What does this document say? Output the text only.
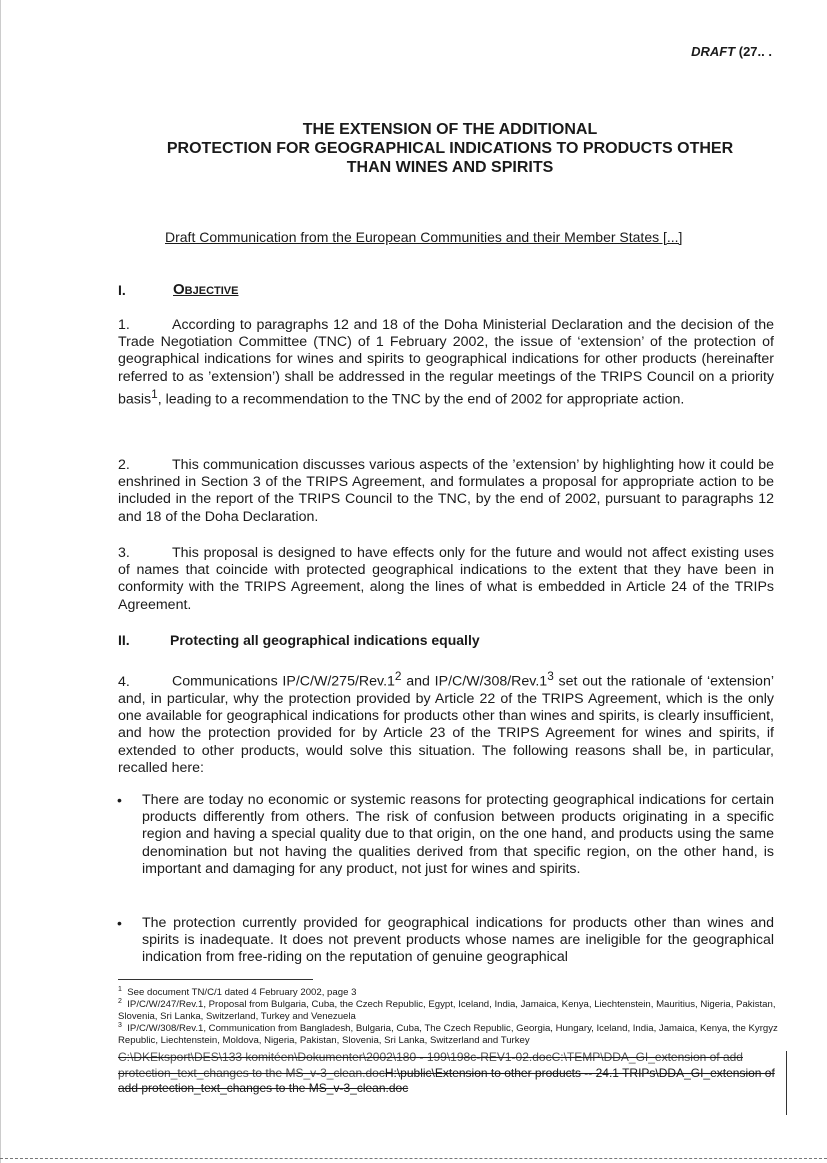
DRAFT (27.. .
THE EXTENSION OF THE ADDITIONAL
PROTECTION FOR GEOGRAPHICAL INDICATIONS TO PRODUCTS OTHER
THAN WINES AND SPIRITS
Draft Communication from the European Communities and their Member States [...]
I.	Objective
1.	According to paragraphs 12 and 18 of the Doha Ministerial Declaration and the decision of the Trade Negotiation Committee (TNC) of 1 February 2002, the issue of ‘extension’ of the protection of geographical indications for wines and spirits to geographical indications for other products (hereinafter referred to as ’extension’) shall be addressed in the regular meetings of the TRIPS Council on a priority basis$^1$, leading to a recommendation to the TNC by the end of 2002 for appropriate action.
2.	This communication discusses various aspects of the ’extension’ by highlighting how it could be enshrined in Section 3 of the TRIPS Agreement, and formulates a proposal for appropriate action to be included in the report of the TRIPS Council to the TNC, by the end of 2002, pursuant to paragraphs 12 and 18 of the Doha Declaration.
3.	This proposal is designed to have effects only for the future and would not affect existing uses of names that coincide with protected geographical indications to the extent that they have been in conformity with the TRIPS Agreement, along the lines of what is embedded in Article 24 of the TRIPs Agreement.
II.	Protecting all geographical indications equally
4.	Communications $IP/C/W/275/Rev.1^2$ and $IP/C/W/308/Rev.1^3$ set out the rationale of ‘extension’ and, in particular, why the protection provided by Article 22 of the TRIPS Agreement, which is the only one available for geographical indications for products other than wines and spirits, is clearly insufficient, and how the protection provided for by Article 23 of the TRIPS Agreement for wines and spirits, if extended to other products, would solve this situation. The following reasons shall be, in particular, recalled here:
• There are today no economic or systemic reasons for protecting geographical indications for certain products differently from others. The risk of confusion between products originating in a specific region and having a special quality due to that origin, on the one hand, and products using the same denomination but not having the qualities derived from that specific region, on the other hand, is important and damaging for any product, not just for wines and spirits.
• The protection currently provided for geographical indications for products other than wines and spirits is inadequate. It does not prevent products whose names are ineligible for the geographical indication from free-riding on the reputation of genuine geographical
$^1$ See document TN/C/1 dated 4 February 2002, page 3
$^2$ IP/C/W/247/Rev.1, Proposal from Bulgaria, Cuba, the Czech Republic, Egypt, Iceland, India, Jamaica, Kenya, Liechtenstein, Mauritius, Nigeria, Pakistan, Slovenia, Sri Lanka, Switzerland, Turkey and Venezuela
$^3$ IP/C/W/308/Rev.1, Communication from Bangladesh, Bulgaria, Cuba, The Czech Republic, Georgia, Hungary, Iceland, India, Jamaica, Kenya, the Kyrgyz Republic, Liechtenstein, Moldova, Nigeria, Pakistan, Slovenia, Sri Lanka, Switzerland and Turkey
C:\DKEksport\DES\133 komitéen\Dokumenter\2002\180 - 199\198c-REV1-02.docC:\TEMP\DDA_GI_extension of add protection_text_changes to the MS_v-3_clean.docH:\public\Extension to other products -- 24.1 TRIPs\DDA_GI_extension of add protection_text_changes to the MS_v-3_clean.doc
